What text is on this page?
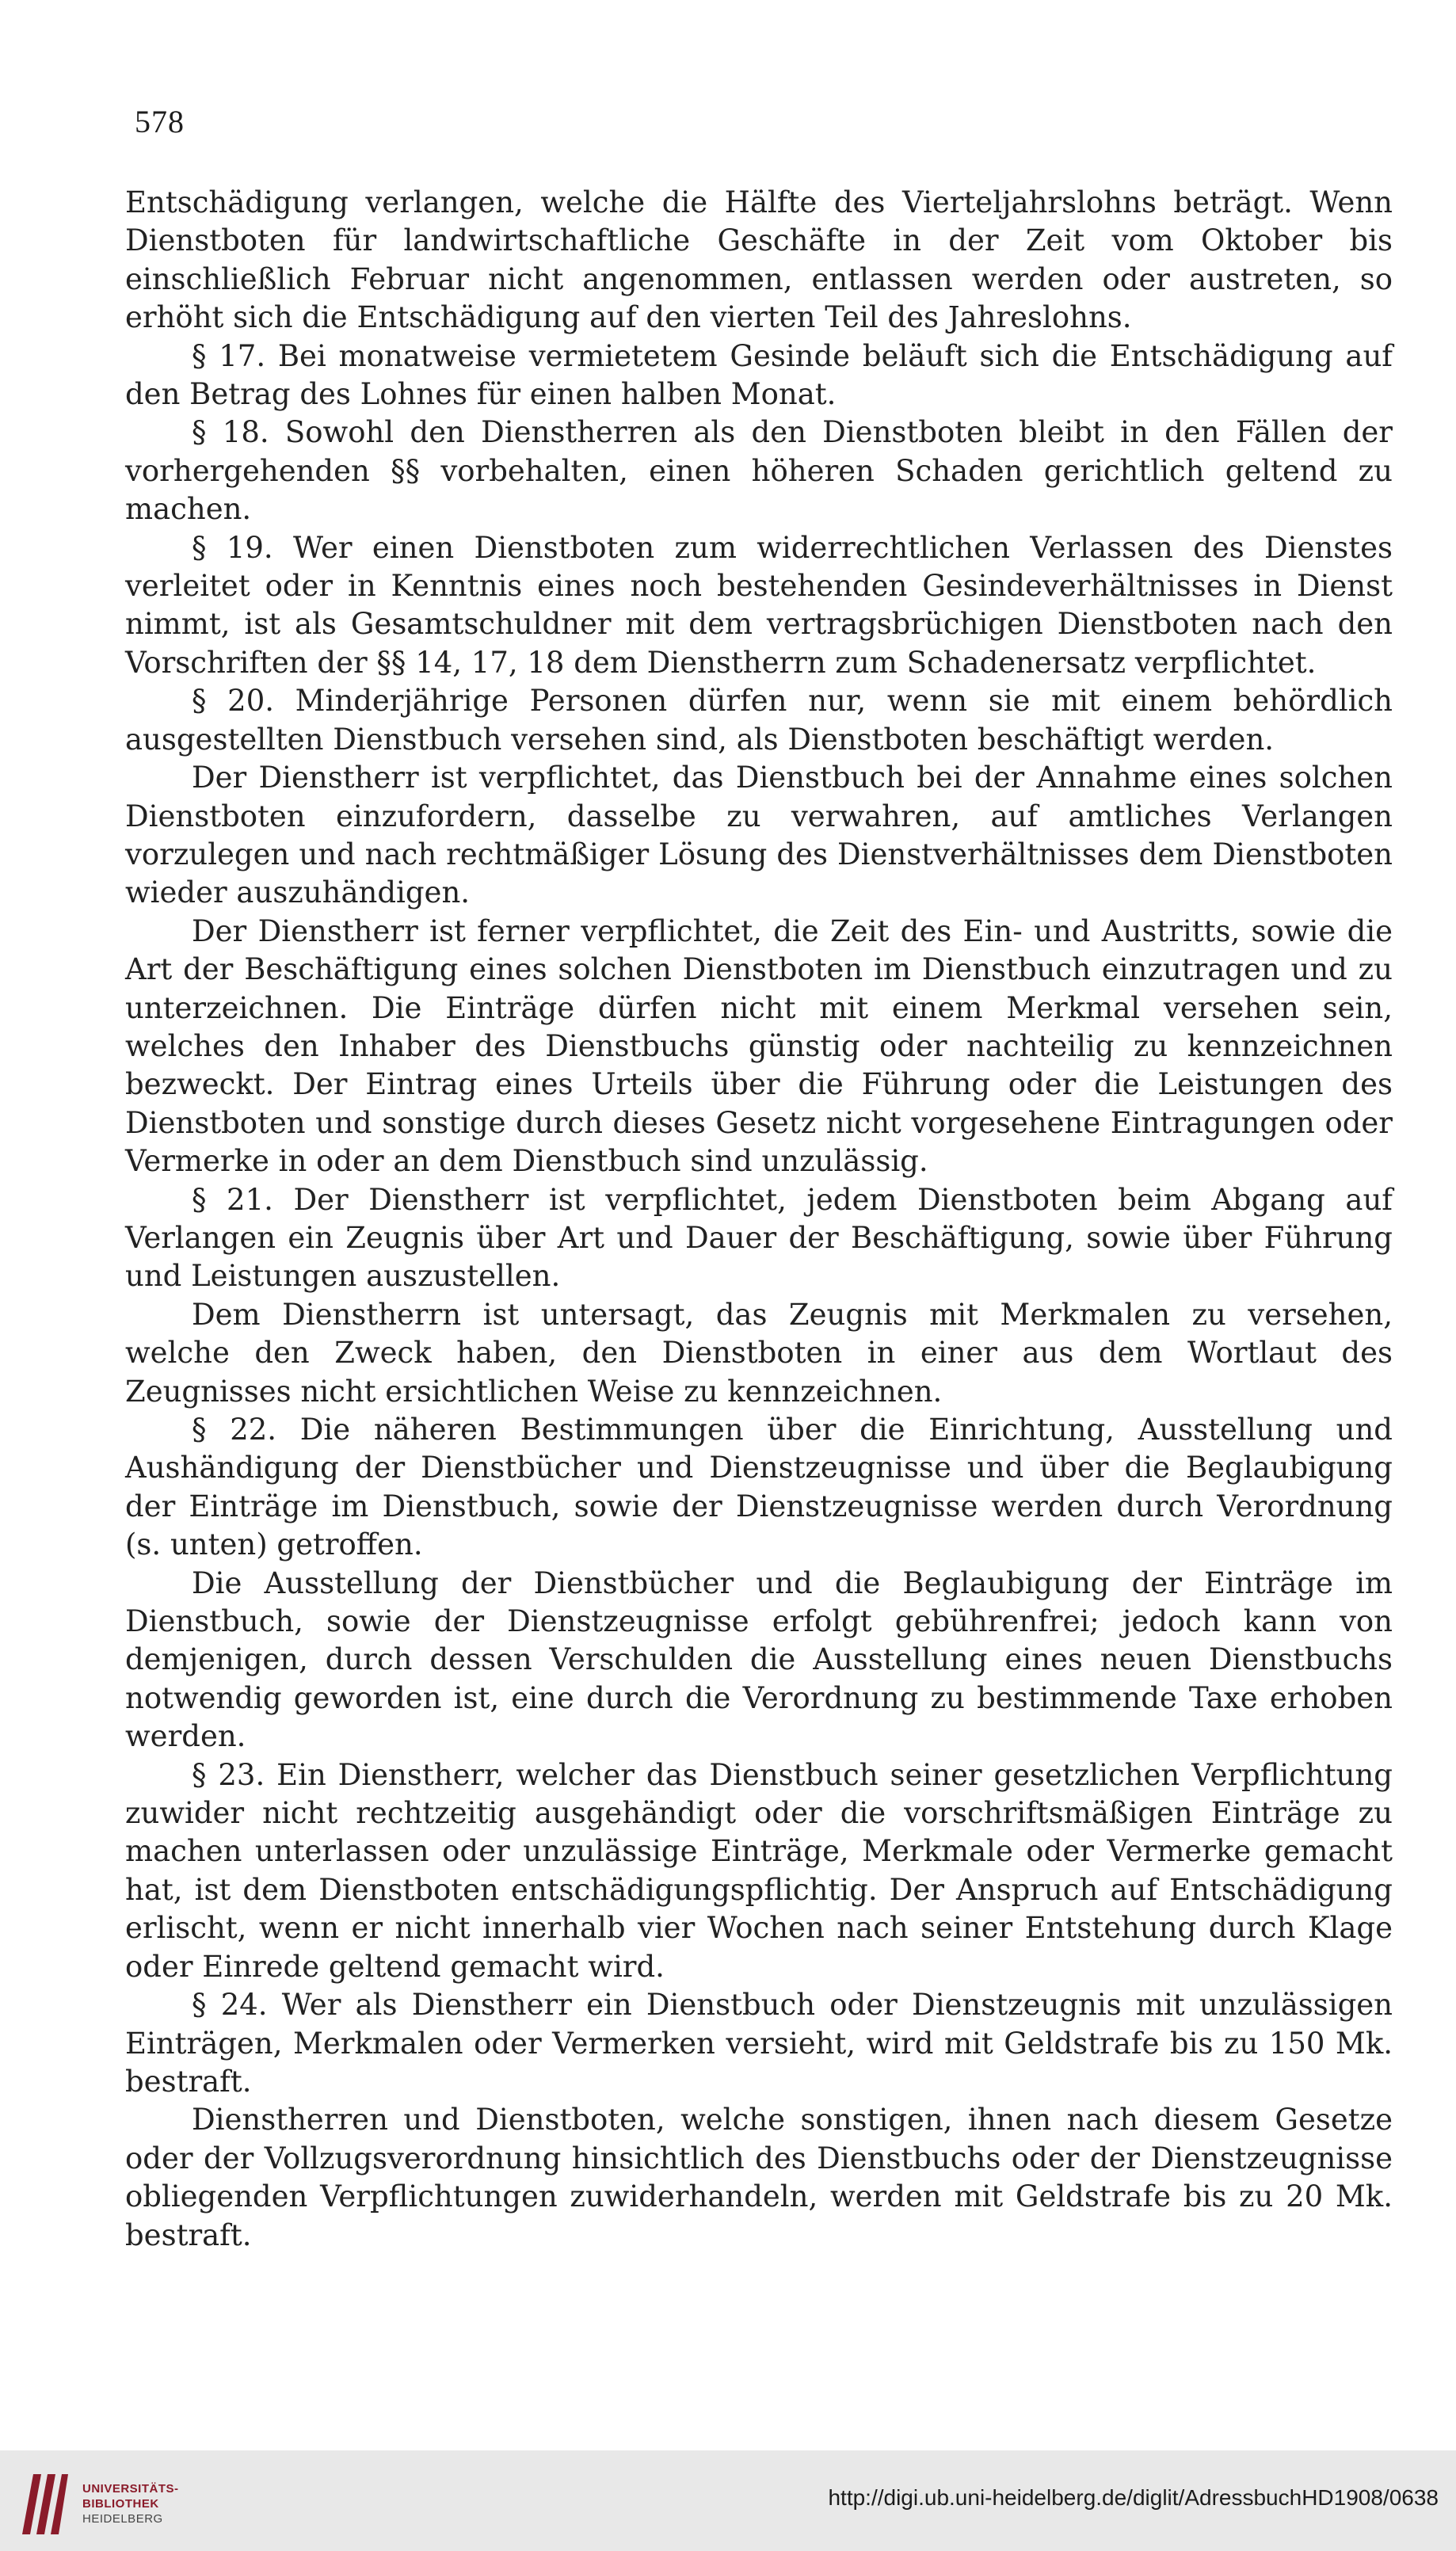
578

Entschädigung verlangen, welche die Hälfte des Vierteljahrslohns beträgt. Wenn Dienstboten für landwirtschaftliche Geschäfte in der Zeit vom Oktober bis einschließlich Februar nicht angenommen, entlassen werden oder austreten, so erhöht sich die Entschädigung auf den vierten Teil des Jahreslohns.

§ 17. Bei monatweise vermietetem Gesinde beläuft sich die Entschädigung auf den Betrag des Lohnes für einen halben Monat.

§ 18. Sowohl den Dienstherren als den Dienstboten bleibt in den Fällen der vorhergehenden §§ vorbehalten, einen höheren Schaden gerichtlich geltend zu machen.

§ 19. Wer einen Dienstboten zum widerrechtlichen Verlassen des Dienstes verleitet oder in Kenntnis eines noch bestehenden Gesindeverhältnisses in Dienst nimmt, ist als Gesamtschuldner mit dem vertragsbrüchigen Dienstboten nach den Vorschriften der §§ 14, 17, 18 dem Dienstherrn zum Schadenersatz verpflichtet.

§ 20. Minderjährige Personen dürfen nur, wenn sie mit einem behördlich ausgestellten Dienstbuch versehen sind, als Dienstboten beschäftigt werden.

Der Dienstherr ist verpflichtet, das Dienstbuch bei der Annahme eines solchen Dienstboten einzufordern, dasselbe zu verwahren, auf amtliches Verlangen vorzulegen und nach rechtmäßiger Lösung des Dienstverhältnisses dem Dienstboten wieder auszuhändigen.

Der Dienstherr ist ferner verpflichtet, die Zeit des Ein- und Austritts, sowie die Art der Beschäftigung eines solchen Dienstboten im Dienstbuch einzutragen und zu unterzeichnen. Die Einträge dürfen nicht mit einem Merkmal versehen sein, welches den Inhaber des Dienstbuchs günstig oder nachteilig zu kennzeichnen bezweckt. Der Eintrag eines Urteils über die Führung oder die Leistungen des Dienstboten und sonstige durch dieses Gesetz nicht vorgesehene Eintragungen oder Vermerke in oder an dem Dienstbuch sind unzulässig.

§ 21. Der Dienstherr ist verpflichtet, jedem Dienstboten beim Abgang auf Verlangen ein Zeugnis über Art und Dauer der Beschäftigung, sowie über Führung und Leistungen auszustellen.

Dem Dienstherrn ist untersagt, das Zeugnis mit Merkmalen zu versehen, welche den Zweck haben, den Dienstboten in einer aus dem Wortlaut des Zeugnisses nicht ersichtlichen Weise zu kennzeichnen.

§ 22. Die näheren Bestimmungen über die Einrichtung, Ausstellung und Aushändigung der Dienstbücher und Dienstzeugnisse und über die Beglaubigung der Einträge im Dienstbuch, sowie der Dienstzeugnisse werden durch Verordnung (s. unten) getroffen.

Die Ausstellung der Dienstbücher und die Beglaubigung der Einträge im Dienstbuch, sowie der Dienstzeugnisse erfolgt gebührenfrei; jedoch kann von demjenigen, durch dessen Verschulden die Ausstellung eines neuen Dienstbuchs notwendig geworden ist, eine durch die Verordnung zu bestimmende Taxe erhoben werden.

§ 23. Ein Dienstherr, welcher das Dienstbuch seiner gesetzlichen Verpflichtung zuwider nicht rechtzeitig ausgehändigt oder die vorschriftsmäßigen Einträge zu machen unterlassen oder unzulässige Einträge, Merkmale oder Vermerke gemacht hat, ist dem Dienstboten entschädigungspflichtig. Der Anspruch auf Entschädigung erlischt, wenn er nicht innerhalb vier Wochen nach seiner Entstehung durch Klage oder Einrede geltend gemacht wird.

§ 24. Wer als Dienstherr ein Dienstbuch oder Dienstzeugnis mit unzulässigen Einträgen, Merkmalen oder Vermerken versieht, wird mit Geldstrafe bis zu 150 Mk. bestraft.

Dienstherren und Dienstboten, welche sonstigen, ihnen nach diesem Gesetze oder der Vollzugsverordnung hinsichtlich des Dienstbuchs oder der Dienstzeugnisse obliegenden Verpflichtungen zuwiderhandeln, werden mit Geldstrafe bis zu 20 Mk. bestraft.

UNIVERSITÄTS-
BIBLIOTHEK
HEIDELBERG
http://digi.ub.uni-heidelberg.de/diglit/AdressbuchHD1908/0638
